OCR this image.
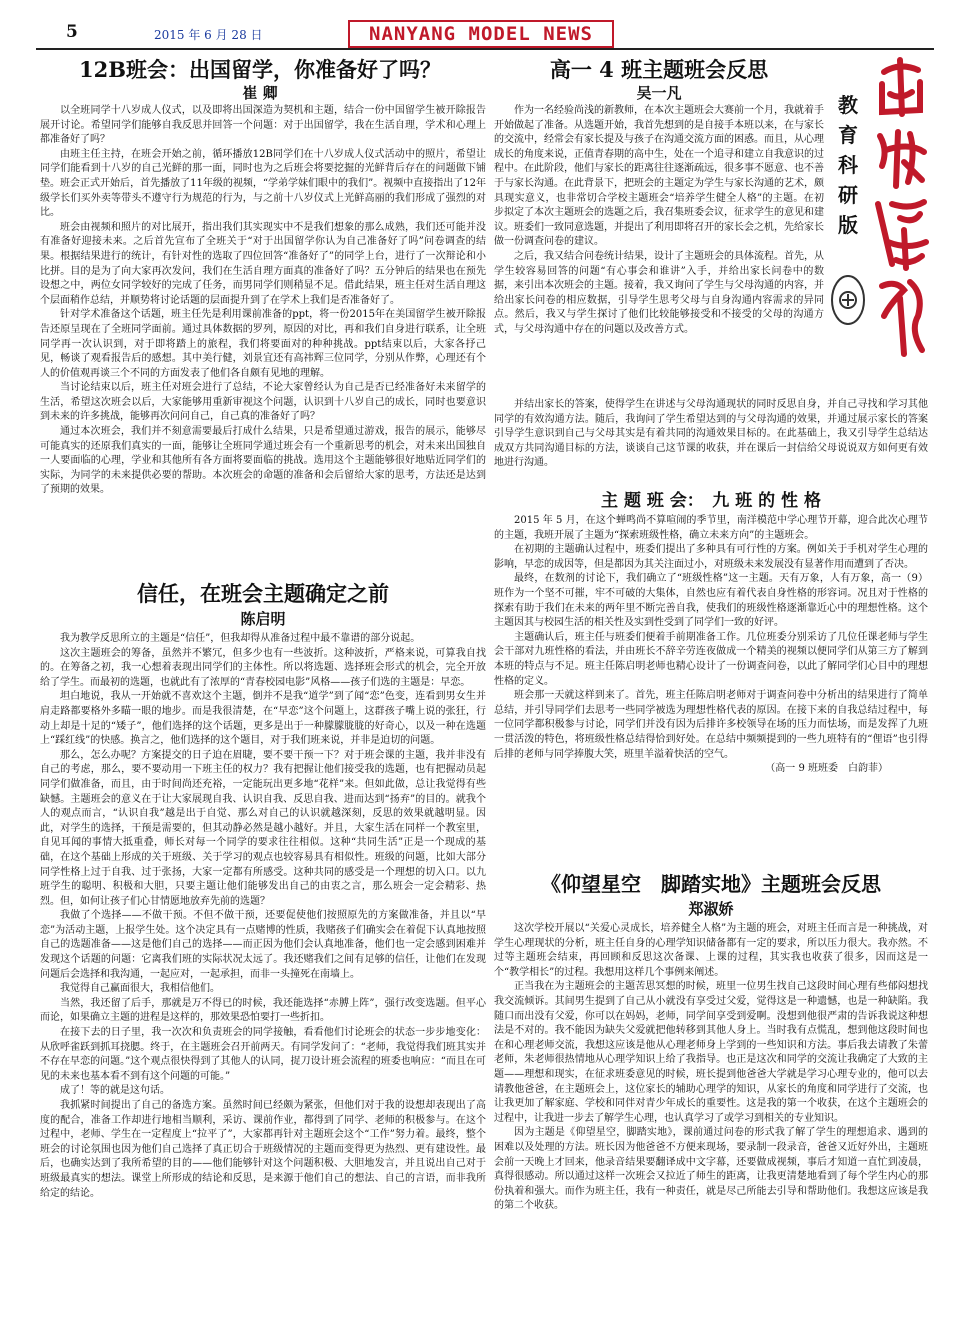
5	2015 年 6 月 28 日	NANYANG MODEL NEWS
教
育
科
研
版
12B班会：出国留学，你准备好了吗？
崔 卿

以全班同学十八岁成人仪式，以及即将出国深造为契机和主题，结合一份中国留学生被开除报告展开讨论。希望同学们能够自我反思并回答一个问题：对于出国留学，我在生活自理，学术和心理上都准备好了吗？

由班主任主持，在班会开始之前，循环播放12B同学们在十八岁成人仪式活动中的照片，希望让同学们能看到十八岁的自己光鲜的那一面，同时也为之后班会将要挖掘的光鲜背后存在的问题做下铺垫。班会正式开始后，首先播放了11年级的视频，“学弟学妹们眼中的我们”。视频中直接指出了12年级学长们买外卖等带头不遵守行为规范的行为，与之前十八岁仪式上光鲜高丽的我们形成了强烈的对比。

班会由视频和照片的对比展开，指出我们其实现实中不是我们想象的那么成熟，我们还可能并没有准备好迎接未来。之后首先宣布了全班关于“对于出国留学你认为自己准备好了吗”问卷调查的结果。根据结果进行的统计，有针对性的选取了四位回答“准备好了”的同学上台，进行了一次辩论和小比拼。目的是为了向大家再次发问，我们在生活自理方面真的准备好了吗？五分钟后的结果也在预先设想之中，两位女同学较好的完成了任务，而男同学们则稍显不足。借此结果，班主任对生活自理这个层面稍作总结，并顺势将讨论话题的层面提升到了在学术上我们是否准备好了。

针对学术准备这个话题，班主任先是利用课前准备的ppt，将一份2015年在美国留学生被开除报告还原呈现在了全班同学面前。通过具体数据的罗列，原因的对比，再和我们自身进行联系，让全班同学再一次认识到，对于即将踏上的旅程，我们将要面对的种种挑战。ppt结束以后，大家各抒己见，畅谈了观看报告后的感想。其中美行健，刘景宜还有高祎辉三位同学，分别从作弊，心理还有个人的价值观再谈三个不同的方面发表了他们各自颇有见地的理解。

当讨论结束以后，班主任对班会进行了总结，不论大家曾经认为自己是否已经准备好未来留学的生活，希望这次班会以后，大家能够用重新审视这个问题，认识到十八岁自己的成长，同时也要意识到未来的许多挑战，能够再次问问自己，自己真的准备好了吗？

通过本次班会，我们并不刻意需要最后打成什么结果，只是希望通过游戏，报告的展示，能够尽可能真实的还原我们真实的一面，能够让全班同学通过班会有一个重新思考的机会，对未来出国独自一人要面临的心理，学业和其他所有各方面将要面临的挑战。选用这个主题能够很好地贴近同学们的实际，为同学的未来提供必要的帮助。本次班会的命题的准备和会后留给大家的思考，方法还是达到了预期的效果。

信任，在班会主题确定之前
陈启明

我为教学反思所立的主题是“信任”，但我却得从准备过程中最不靠谱的部分说起。

这次主题班会的筹备，虽然并不繁冗，但多少也有一些波折。这种波折，严格来说，可算我自找的。在筹备之初，我一心想着表现出同学们的主体性。所以将选题、选择班会形式的机会，完全开放给了学生。而最初的选题，也就此有了浓厚的“青春校园电影”风格——孩子们选的主题是：早恋。

坦白地说，我从一开始就不喜欢这个主题，倒并不是我“道学”到了闻“恋”色变，连看到男女生并肩走路都要格外多瞄一眼的地步。而是我很清楚，在“早恋”这个问题上，这群孩子嘴上说的张狂，行动上却是十足的“矮子”，他们选择的这个话题，更多是出于一种朦朦胧胧的好奇心，以及一种在选题上“踩红线”的快感。换言之，他们选择的这个题目，对于我们班来说，并非是迫切的问题。

那么，怎么办呢？方案提交的日子迫在眉睫，要不要干预一下？对于班会课的主题，我并非没有自己的考虑，那么，要不要动用一下班主任的权力？我有把握让他们接受我的选题，也有把握动员起同学们做准备，而且，由于时间尚还充裕，一定能玩出更多地“花样”来。但如此做，总让我觉得有些缺憾。主题班会的意义在于让大家展现自我、认识自我、反思自我、进而达到“扬弃”的目的。就我个人的观点而言，“认识自我”越是出于自觉、那么对自己的认识就越深刻，反思的效果就越明显。因此，对学生的选择，干预是需要的，但其动静必然是越小越好。并且，大家生活在同样一个教室里，自见耳闻的事情大抵重叠，师长对每一个同学的要求往往相似。这种“共同生活”正是一个现成的基础，在这个基础上形成的关于班级、关于学习的观点也较容易具有相似性。班级的问题，比如大部分同学性格上过于自我、过于张扬，大家一定都有所感受。这种共同的感受是一个理想的切入口。以九班学生的聪明、积极和大胆，只要主题让他们能够发出自己的由衷之言，那么班会一定会精彩、热烈。但，如何让孩子们心甘情愿地放弃先前的选题？

我做了个选择——不做干预。不但不做干预，还要促使他们按照原先的方案做准备，并且以“早恋”为活动主题，上报学生处。这个决定具有一点赌博的性质，我赌孩子们确实会在着促下认真地按照自己的选题准备——这是他们自己的选择——而正因为他们会认真地准备，他们也一定会感到困难并发现这个话题的问题：它离我们班的实际状况太远了。我还赌我们之间有足够的信任，让他们在发现问题后会选择和我沟通，一起应对，一起承担，而非一头撞死在南墙上。

我觉得自己赢面很大，我相信他们。

当然，我还留了后手，那就是万不得已的时候，我还能选择“赤膊上阵”，强行改变选题。但平心而论，如果确立主题的进程是这样的，那效果恐怕要打一些折扣。

在接下去的日子里，我一次次和负责班会的同学接触，看看他们讨论班会的状态一步步地变化：从欣呼雀跃到抓耳挠腮。终于，在主题班会召开前两天。有同学发问了：“老师，我觉得我们班其实并不存在早恋的问题。”这个观点很快得到了其他人的认同，捉刀设计班会流程的班委也响应：“而且在可见的未来也基本看不到有这个问题的可能。”

成了！等的就是这句话。

我抓紧时间提出了自己的备选方案。虽然时间已经颇为紧张，但他们对于我的设想却表现出了高度的配合，准备工作却进行地相当顺利，采访、课前作业，都得到了同学、老师的积极参与。在这个过程中，老师、学生在一定程度上“拉平了”，大家都再针对主题班会这个“工作”努力着。最终，整个班会的讨论氛围也因为他们自己选择了真正切合于班级情况的主题而变得更为热烈、更有建设性。最后，也确实达到了我所希望的目的——他们能够针对这个问题积极、大胆地发言，并且说出自己对于班级最真实的想法。课堂上所形成的结论和反思，是来源于他们自己的想法、自己的言语，而非我所给定的结论。

高一 4 班主题班会反思
吴一凡

作为一名经验尚浅的新教师，在本次主题班会大赛前一个月，我就着手开始做起了准备。从选题开始，我首先想到的是自接手本班以来，在与家长的交流中，经常会有家长提及与孩子在沟通交流方面的困惑。而且，从心理成长的角度来说，正值青春期的高中生，处在一个追寻和建立自我意识的过程中。在此阶段，他们与家长的距离往往逐渐疏远，很多事不愿意、也不善于与家长沟通。在此背景下，把班会的主题定为学生与家长沟通的艺术，颇具现实意义，也非常切合学校主题班会“培养学生健全人格”的主题。在初步拟定了本次主题班会的选题之后，我召集班委会议，征求学生的意见和建议。班委们一致同意选题，并提出了利用即将召开的家长会之机，先给家长做一份调查问卷的建议。

之后，我又结合问卷统计结果，设计了主题班会的具体流程。首先，从学生较容易回答的问题“有心事会和谁讲”入手，并给出家长问卷中的数据，来引出本次班会的主题。接着，我又询问了学生与父母沟通的内容，并给出家长问卷的相应数据，引导学生思考父母与自身沟通内容需求的异同点。然后，我又与学生探讨了他们比较能够接受和不接受的父母的沟通方式，与父母沟通中存在的问题以及改善方式。

并结出家长的答案，使得学生在讲述与父母沟通现状的同时反思自身，并自己寻找和学习其他同学的有效沟通方法。随后，我询问了学生希望达到的与父母沟通的效果，并通过展示家长的答案引导学生意识到自己与父母其实是有着共同的沟通效果目标的。在此基础上，我又引导学生总结达成双方共同沟通目标的方法，谈谈自己这节课的收获，并在课后一封信给父母说说双方如何更有效地进行沟通。

主 题 班 会：　九 班 的 性 格

2015 年 5 月，在这个蝉鸣尚不算喧闹的季节里，南洋模范中学心理节开幕，迎合此次心理节的主题，我班开展了主题为“探索班级性格，确立未来方向”的主题班会。

在初期的主题确认过程中，班委们提出了多种具有可行性的方案。例如关于手机对学生心理的影响，早恋的成因等，但是都因为其关注面过小，对班级未来发展没有显著作用而遭到了否决。

最终，在数剂的讨论下，我们确立了“班级性格”这一主题。天有万象，人有万象，高一（9）班作为一个坚不可摧，牢不可破的大集体，自然也应有着代表自身性格的形容词。况且对于性格的探索有助于我们在未来的两年里不断完善自我，使我们的班级性格逐渐靠近心中的理想性格。这个主题因其与校园生活的相关性及实到性受到了同学们一致的好评。

主题确认后，班主任与班委们便着手前期准备工作。几位班委分别采访了几位任课老师与学生会干部对九班性格的看法，并由班长不辞辛劳连夜做成一个精美的视频以便同学们从第三方了解到本班的特点与不足。班主任陈启明老师也精心设计了一份调查问卷，以此了解同学们心目中的理想性格的定义。

班会那一天就这样到来了。首先，班主任陈启明老师对于调查问卷中分析出的结果进行了简单总结，并引导同学们去思考一些同学被选为理想性格代表的原因。在接下来的自我总结过程中，每一位同学都积极参与讨论，同学们并没有因为后排许多校领导在场的压力而怯场，而是发挥了九班一贯活泼的特色，将班级性格总结得恰到好处。在总结中频频提到的一些九班特有的“俚语”也引得后排的老师与同学捧腹大笑，班里羊溢着快活的空气。

（高一 9 班班委　白韵菲）
《仰望星空　脚踏实地》主题班会反思
郑淑娇

这次学校开展以“关爱心灵成长，培养健全人格”为主题的班会，对班主任而言是一种挑战，对学生心理现状的分析，班主任自身的心理学知识储备都有一定的要求，所以压力很大。我亦然。不过等主题班会结束，再回顾和反思这次备课、上课的过程，其实我也收获了很多，因而这是一个“教学相长”的过程。我想用这样几个事例来阐述。

正当我在为主题班会的主题苦思冥想的时候，班里一位男生找自己这段时间心理有些郁闷想找我交流倾诉。其间男生提到了自己从小就没有享受过父爱，觉得这是一种遗憾，也是一种缺陷。我随口而出没有父爱，你可以在妈妈，老师，同学间享受到爱啊。没想到他很严肃的告诉我说这种想法是不对的。我不能因为缺失父爱就把他转移到其他人身上。当时我有点慌乱，想到他这段时间也在和心理老师交流，我想这应该是他从心理老师身上学到的一些知识和方法。事后我去请教了朱蕾老师，朱老师很热情地从心理学知识上给了我指导。也正是这次和同学的交流让我确定了大致的主题——理想和现实，在征求班委意见的时候，班长提到他爸爸大学就是学习心理专业的，他可以去请教他爸爸，在主题班会上，这位家长的辅助心理学的知识，从家长的角度和同学进行了交流，也让我更加了解家庭、学校和同伴对青少年成长的重要性。这是我的第一个收获，在这个主题班会的过程中，让我进一步去了解学生心理，也认真学习了或学习到相关的专业知识。

因为主题是《仰望星空，脚踏实地》，课前通过问卷的形式我了解了学生的理想追求、遇到的困难以及处理的方法。班长因为他爸爸不方便来现场，要录制一段录音，爸爸又近好外出，主题班会前一天晚上才回来，他录音结果要翻译成中文字幕，还要做成视频，事后才知道一直忙到凌晨，真得很感动。所以通过这样一次班会又拉近了师生的距离，让我更清楚地看到了每个学生内心的那份执着和强大。而作为班主任，我有一种责任，就是尽己所能去引导和帮助他们。我想这应该是我的第二个收获。
